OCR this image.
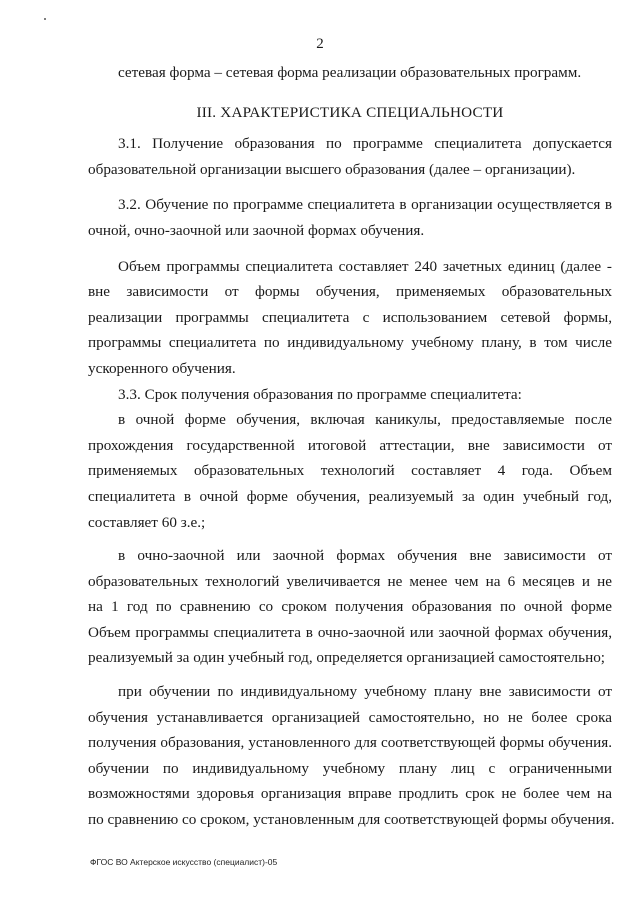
2
сетевая форма – сетевая форма реализации образовательных программ.
III. ХАРАКТЕРИСТИКА СПЕЦИАЛЬНОСТИ
3.1. Получение образования по программе специалитета допускается
образовательной организации высшего образования (далее – организации).
3.2. Обучение по программе специалитета в организации осуществляется в
очной, очно-заочной или заочной формах обучения.
Объем программы специалитета составляет 240 зачетных единиц (далее -
вне зависимости от формы обучения, применяемых образовательных
реализации программы специалитета с использованием сетевой формы,
программы специалитета по индивидуальному учебному плану, в том числе
ускоренного обучения.
3.3. Срок получения образования по программе специалитета:
в очной форме обучения, включая каникулы, предоставляемые после
прохождения государственной итоговой аттестации, вне зависимости от
применяемых образовательных технологий составляет 4 года. Объем
специалитета в очной форме обучения, реализуемый за один учебный год,
составляет 60 з.е.;
в очно-заочной или заочной формах обучения вне зависимости от
образовательных технологий увеличивается не менее чем на 6 месяцев и не
на 1 год по сравнению со сроком получения образования по очной форме
Объем программы специалитета в очно-заочной или заочной формах обучения,
реализуемый за один учебный год, определяется организацией самостоятельно;
при обучении по индивидуальному учебному плану вне зависимости от
обучения устанавливается организацией самостоятельно, но не более срока
получения образования, установленного для соответствующей формы обучения.
обучении по индивидуальному учебному плану лиц с ограниченными
возможностями здоровья организация вправе продлить срок не более чем на
по сравнению со сроком, установленным для соответствующей формы обучения.
ФГОС ВО Актерское искусство (специалист)-05
